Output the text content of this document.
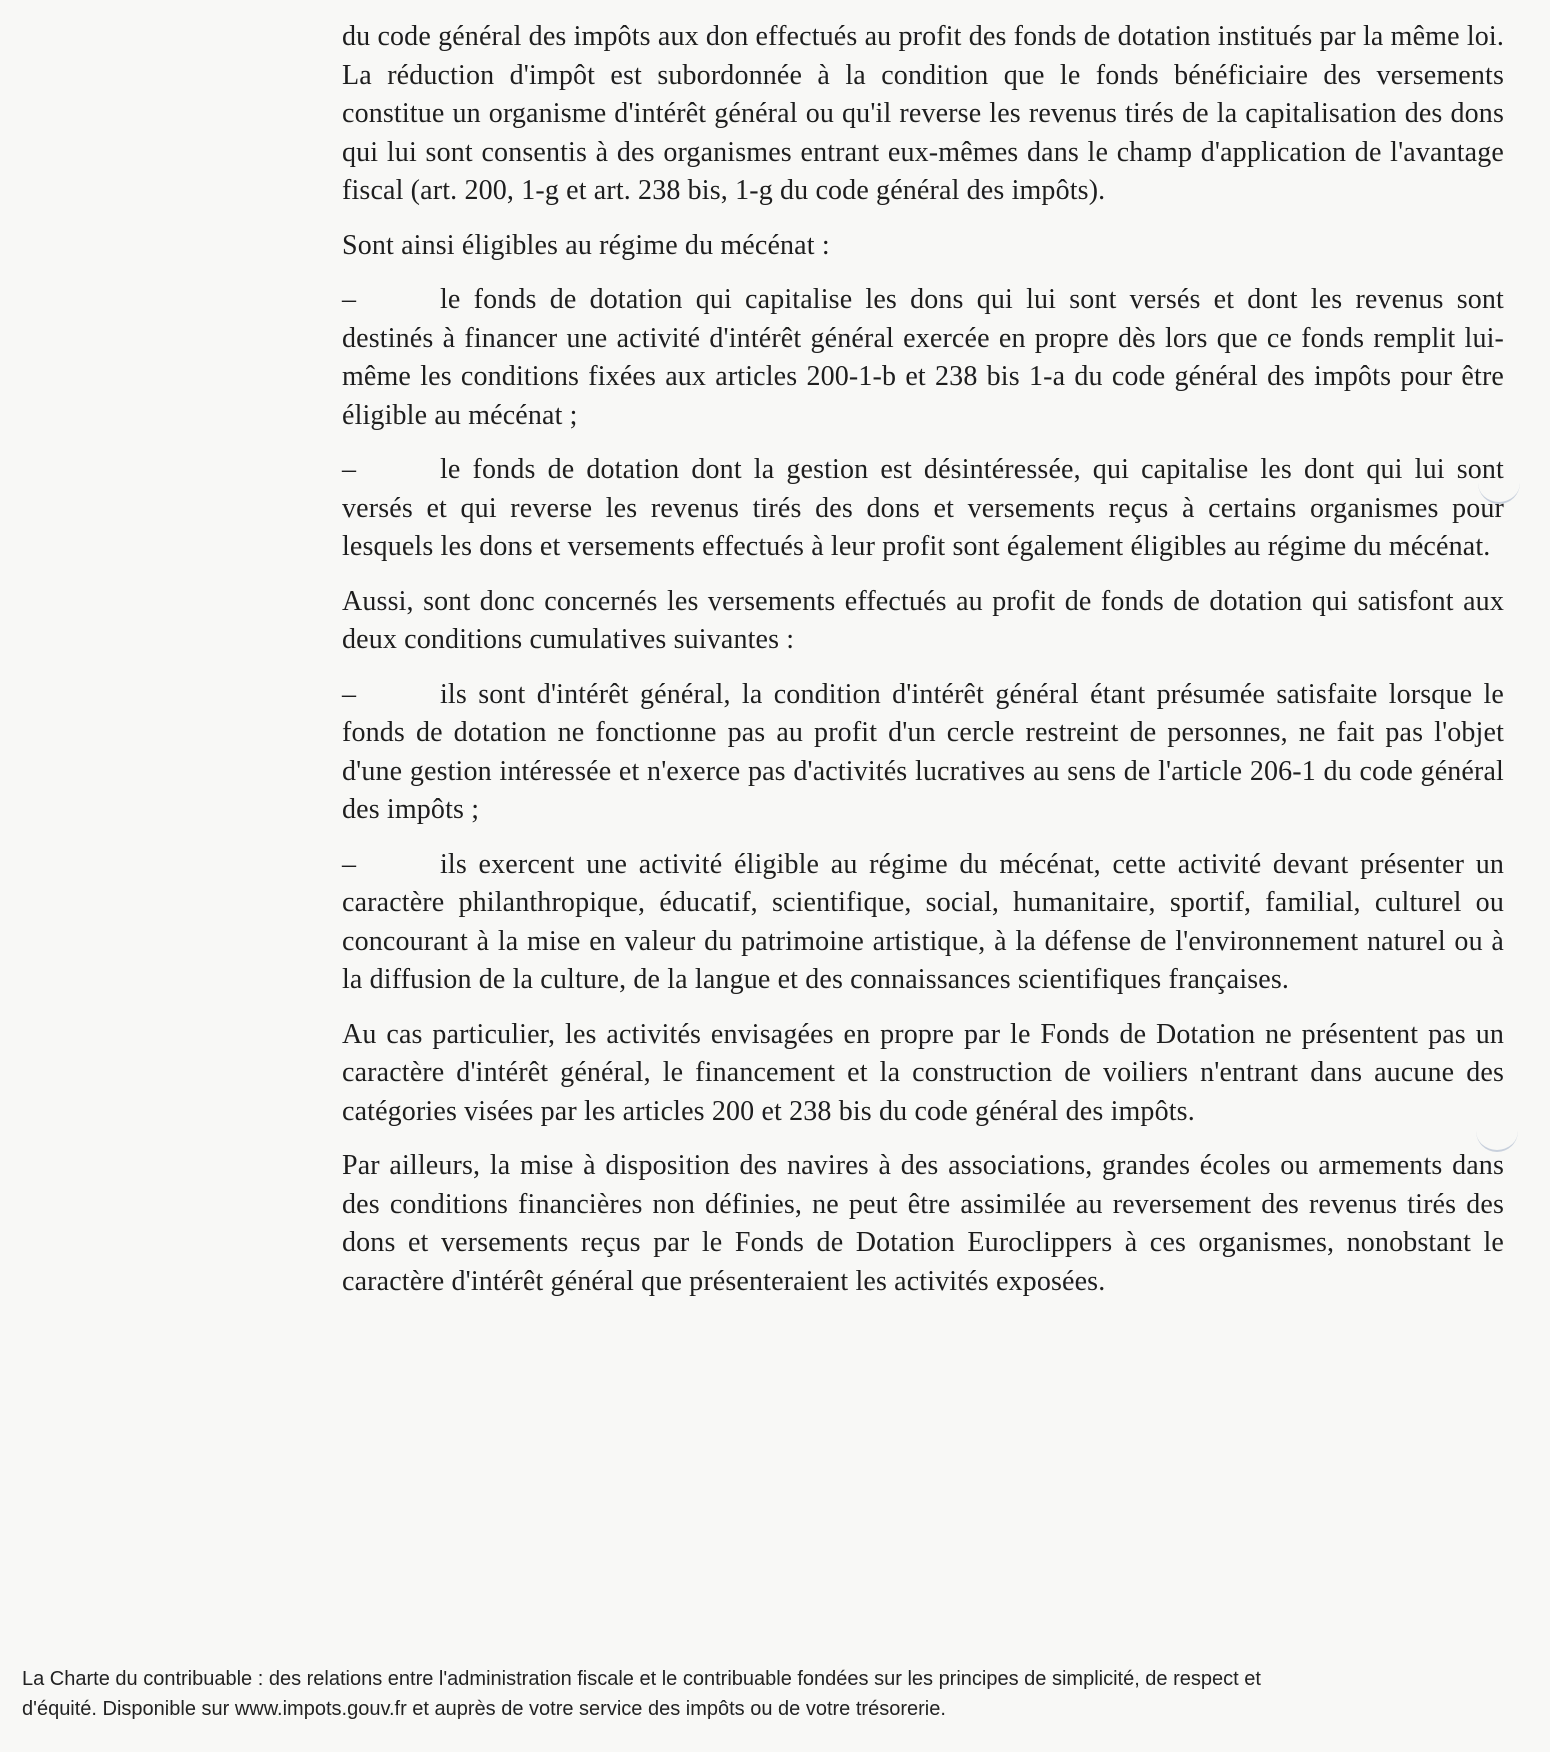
du code général des impôts aux don effectués au profit des fonds de dotation institués par la même loi. La réduction d'impôt est subordonnée à la condition que le fonds bénéficiaire des versements constitue un organisme d'intérêt général ou qu'il reverse les revenus tirés de la capitalisation des dons qui lui sont consentis à des organismes entrant eux-mêmes dans le champ d'application de l'avantage fiscal (art. 200, 1-g et art. 238 bis, 1-g du code général des impôts).

Sont ainsi éligibles au régime du mécénat :

–	le fonds de dotation qui capitalise les dons qui lui sont versés et dont les revenus sont destinés à financer une activité d'intérêt général exercée en propre dès lors que ce fonds remplit lui-même les conditions fixées aux articles 200-1-b et 238 bis 1-a du code général des impôts pour être éligible au mécénat ;
–	le fonds de dotation dont la gestion est désintéressée, qui capitalise les dont qui lui sont versés et qui reverse les revenus tirés des dons et versements reçus à certains organismes pour lesquels les dons et versements effectués à leur profit sont également éligibles au régime du mécénat.

Aussi, sont donc concernés les versements effectués au profit de fonds de dotation qui satisfont aux deux conditions cumulatives suivantes :

–	ils sont d'intérêt général, la condition d'intérêt général étant présumée satisfaite lorsque le fonds de dotation ne fonctionne pas au profit d'un cercle restreint de personnes, ne fait pas l'objet d'une gestion intéressée et n'exerce pas d'activités lucratives au sens de l'article 206-1 du code général des impôts ;
–	ils exercent une activité éligible au régime du mécénat, cette activité devant présenter un caractère philanthropique, éducatif, scientifique, social, humanitaire, sportif, familial, culturel ou concourant à la mise en valeur du patrimoine artistique, à la défense de l'environnement naturel ou à la diffusion de la culture, de la langue et des connaissances scientifiques françaises.

Au cas particulier, les activités envisagées en propre par le Fonds de Dotation ne présentent pas un caractère d'intérêt général, le financement et la construction de voiliers n'entrant dans aucune des catégories visées par les articles 200 et 238 bis du code général des impôts.

Par ailleurs, la mise à disposition des navires à des associations, grandes écoles ou armements dans des conditions financières non définies, ne peut être assimilée au reversement des revenus tirés des dons et versements reçus par le Fonds de Dotation Euroclippers à ces organismes, nonobstant le caractère d'intérêt général que présenteraient les activités exposées.

La Charte du contribuable : des relations entre l'administration fiscale et le contribuable fondées sur les principes de simplicité, de respect et
d'équité. Disponible sur www.impots.gouv.fr et auprès de votre service des impôts ou de votre trésorerie.
